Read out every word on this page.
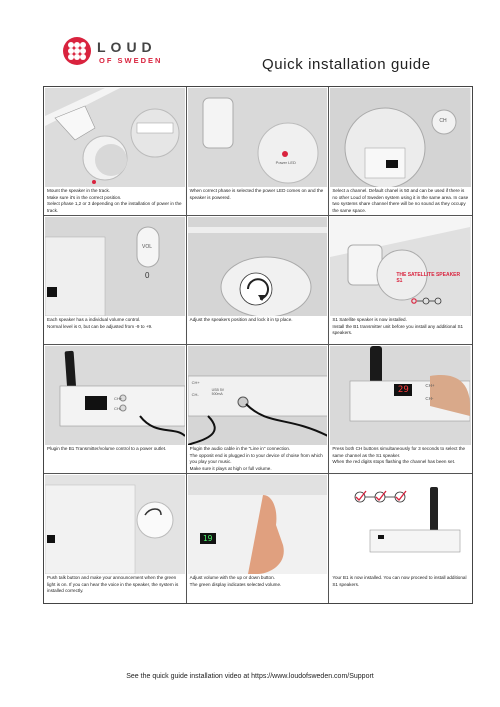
LOUD
OF SWEDEN	Quick installation guide
Mount the speaker in the track.
Make sure it's in the correct position.
Select phase 1,2 or 3 depending on the installation of power in the track.
Power LED
When correct phase is selected the power LED comes on and the speaker is powered.
CH
Select a channel. Default chanel is 50 and can be used if there is no other Loud of Sweden system using it in the same area. In case two systems share channel there will be no sound as they occupy the same space.
VOL
0
Each speaker has a individual volume control.
Normal level is 0, but can be adjusted from -9 to +9.
Adjust the speakers position and lock it in tp place.
THE SATELLITE SPEAKER S1
S1 Satellite speaker is now installed.
Install the B1 transmitter unit before you install any additional S1 speakers.
CH+
CH-
Plugin the B1 Transmitter/volume control to a power outlet.
CH+
CH-
USB 5V 500mA
Plugin the audio cable in the "Line in" connection.
The opposit end is plugged in to your device of choise from which you play your music.
Make sure it plays at high or full volume.
29	CH+
CH-
Press both CH buttons simultaneously for 3 seconds to select the same channel as the S1 speaker.
When the red digits stops flashing the channel has been set.
Push talk button and make your announcement when the green light is on. If you can hear the voice in the speaker, the system is installed correctly.
19
Adjust volume with the up or down button.
The green display indicates selected volume.
Your B1 is now installed. You can now proceed to install additional S1 speakers.
See the quick guide installation video at https://www.loudofsweden.com/Support
